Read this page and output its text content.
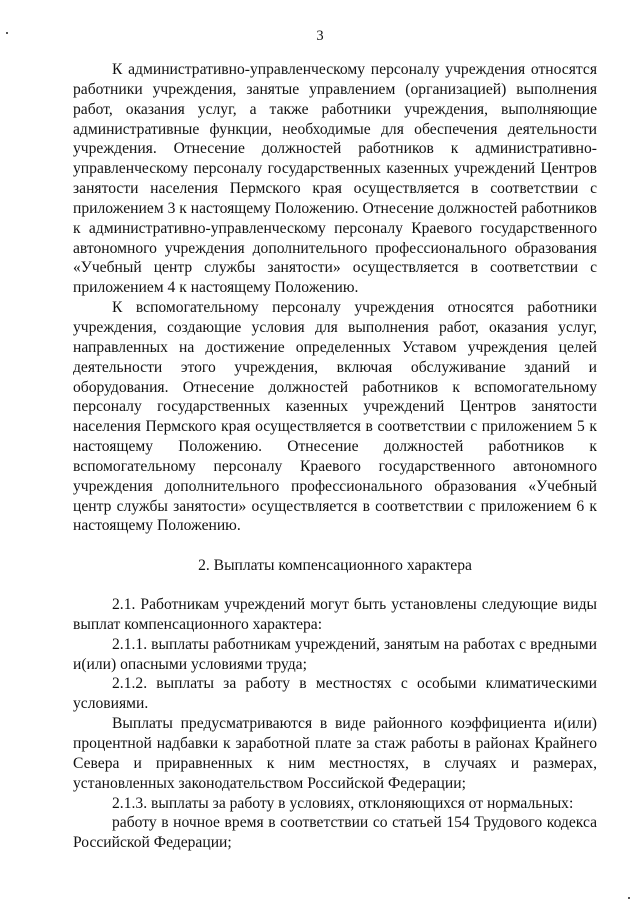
3

К административно-управленческому персоналу учреждения относятся работники учреждения, занятые управлением (организацией) выполнения работ, оказания услуг, а также работники учреждения, выполняющие административные функции, необходимые для обеспечения деятельности учреждения. Отнесение должностей работников к административно-управленческому персоналу государственных казенных учреждений Центров занятости населения Пермского края осуществляется в соответствии с приложением 3 к настоящему Положению. Отнесение должностей работников к административно-управленческому персоналу Краевого государственного автономного учреждения дополнительного профессионального образования «Учебный центр службы занятости» осуществляется в соответствии с приложением 4 к настоящему Положению.

К вспомогательному персоналу учреждения относятся работники учреждения, создающие условия для выполнения работ, оказания услуг, направленных на достижение определенных Уставом учреждения целей деятельности этого учреждения, включая обслуживание зданий и оборудования. Отнесение должностей работников к вспомогательному персоналу государственных казенных учреждений Центров занятости населения Пермского края осуществляется в соответствии с приложением 5 к настоящему Положению. Отнесение должностей работников к вспомогательному персоналу Краевого государственного автономного учреждения дополнительного профессионального образования «Учебный центр службы занятости» осуществляется в соответствии с приложением 6 к настоящему Положению.

2. Выплаты компенсационного характера

2.1. Работникам учреждений могут быть установлены следующие виды выплат компенсационного характера:

2.1.1. выплаты работникам учреждений, занятым на работах с вредными и(или) опасными условиями труда;

2.1.2. выплаты за работу в местностях с особыми климатическими условиями.

Выплаты предусматриваются в виде районного коэффициента и(или) процентной надбавки к заработной плате за стаж работы в районах Крайнего Севера и приравненных к ним местностях, в случаях и размерах, установленных законодательством Российской Федерации;

2.1.3. выплаты за работу в условиях, отклоняющихся от нормальных:

работу в ночное время в соответствии со статьей 154 Трудового кодекса Российской Федерации;
